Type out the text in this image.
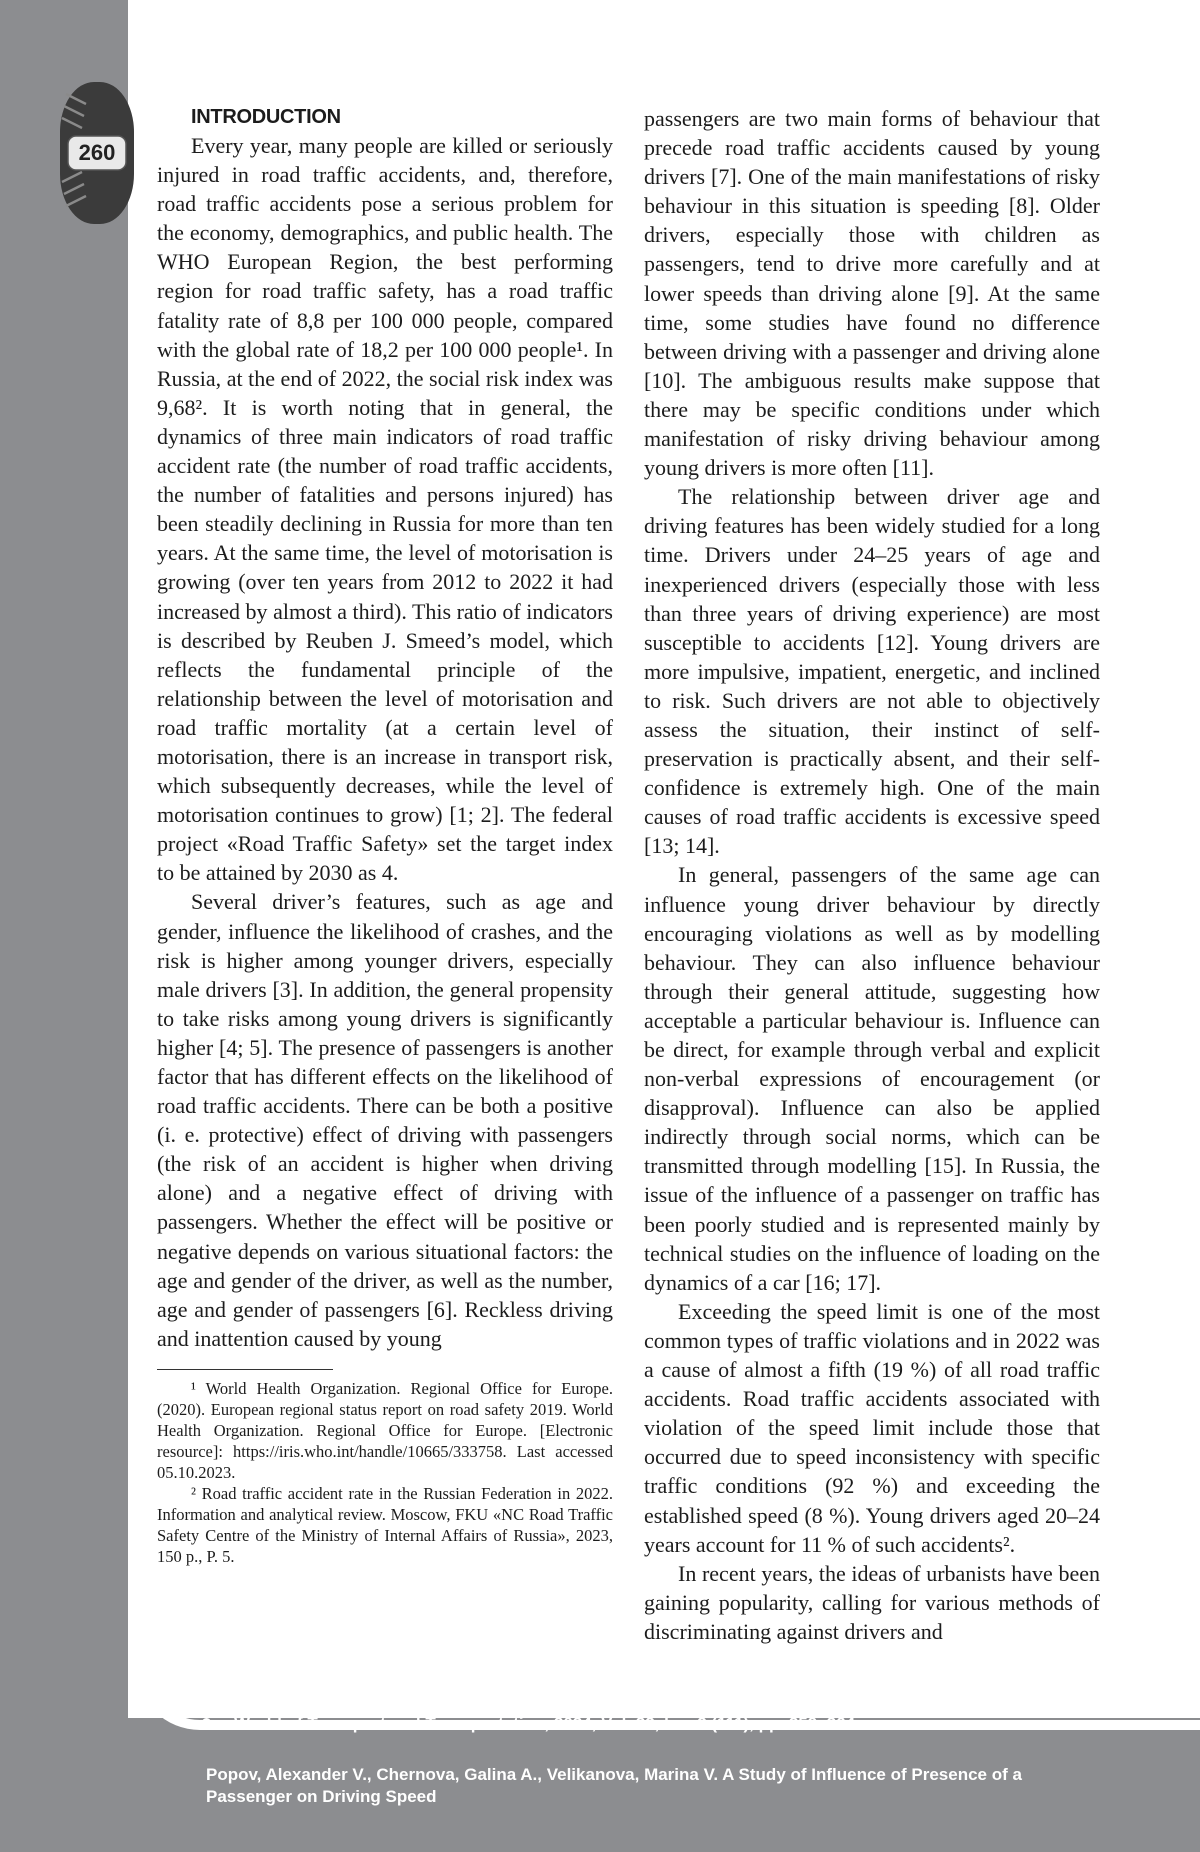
260

INTRODUCTION

Every year, many people are killed or seriously injured in road traffic accidents, and, therefore, road traffic accidents pose a serious problem for the economy, demographics, and public health. The WHO European Region, the best performing region for road traffic safety, has a road traffic fatality rate of 8,8 per 100 000 people, compared with the global rate of 18,2 per 100 000 people¹. In Russia, at the end of 2022, the social risk index was 9,68². It is worth noting that in general, the dynamics of three main indicators of road traffic accident rate (the number of road traffic accidents, the number of fatalities and persons injured) has been steadily declining in Russia for more than ten years. At the same time, the level of motorisation is growing (over ten years from 2012 to 2022 it had increased by almost a third). This ratio of indicators is described by Reuben J. Smeed’s model, which reflects the fundamental principle of the relationship between the level of motorisation and road traffic mortality (at a certain level of motorisation, there is an increase in transport risk, which subsequently decreases, while the level of motorisation continues to grow) [1; 2]. The federal project «Road Traffic Safety» set the target index to be attained by 2030 as 4.

Several driver’s features, such as age and gender, influence the likelihood of crashes, and the risk is higher among younger drivers, especially male drivers [3]. In addition, the general propensity to take risks among young drivers is significantly higher [4; 5]. The presence of passengers is another factor that has different effects on the likelihood of road traffic accidents. There can be both a positive (i. e. protective) effect of driving with passengers (the risk of an accident is higher when driving alone) and a negative effect of driving with passengers. Whether the effect will be positive or negative depends on various situational factors: the age and gender of the driver, as well as the number, age and gender of passengers [6]. Reckless driving and inattention caused by young

¹ World Health Organization. Regional Office for Europe. (2020). European regional status report on road safety 2019. World Health Organization. Regional Office for Europe. [Electronic resource]: https://iris.who.int/handle/10665/333758. Last accessed 05.10.2023.

² Road traffic accident rate in the Russian Federation in 2022. Information and analytical review. Moscow, FKU «NC Road Traffic Safety Centre of the Ministry of Internal Affairs of Russia», 2023, 150 p., P. 5.

passengers are two main forms of behaviour that precede road traffic accidents caused by young drivers [7]. One of the main manifestations of risky behaviour in this situation is speeding [8]. Older drivers, especially those with children as passengers, tend to drive more carefully and at lower speeds than driving alone [9]. At the same time, some studies have found no difference between driving with a passenger and driving alone [10]. The ambiguous results make suppose that there may be specific conditions under which manifestation of risky driving behaviour among young drivers is more often [11].

The relationship between driver age and driving features has been widely studied for a long time. Drivers under 24–25 years of age and inexperienced drivers (especially those with less than three years of driving experience) are most susceptible to accidents [12]. Young drivers are more impulsive, impatient, energetic, and inclined to risk. Such drivers are not able to objectively assess the situation, their instinct of self-preservation is practically absent, and their self-confidence is extremely high. One of the main causes of road traffic accidents is excessive speed [13; 14].

In general, passengers of the same age can influence young driver behaviour by directly encouraging violations as well as by modelling behaviour. They can also influence behaviour through their general attitude, suggesting how acceptable a particular behaviour is. Influence can be direct, for example through verbal and explicit non-verbal expressions of encouragement (or disapproval). Influence can also be applied indirectly through social norms, which can be transmitted through modelling [15]. In Russia, the issue of the influence of a passenger on traffic has been poorly studied and is represented mainly by technical studies on the influence of loading on the dynamics of a car [16; 17].

Exceeding the speed limit is one of the most common types of traffic violations and in 2022 was a cause of almost a fifth (19 %) of all road traffic accidents. Road traffic accidents associated with violation of the speed limit include those that occurred due to speed inconsistency with specific traffic conditions (92 %) and exceeding the established speed (8 %). Young drivers aged 20–24 years account for 11 % of such accidents².

In recent years, the ideas of urbanists have been gaining popularity, calling for various methods of discriminating against drivers and

World of Transport and Transportation, 2024, Vol. 22, Iss. 2 (111), pp. 259–264
Popov, Alexander V., Chernova, Galina A., Velikanova, Marina V. A Study of Influence of Presence of a Passenger on Driving Speed
